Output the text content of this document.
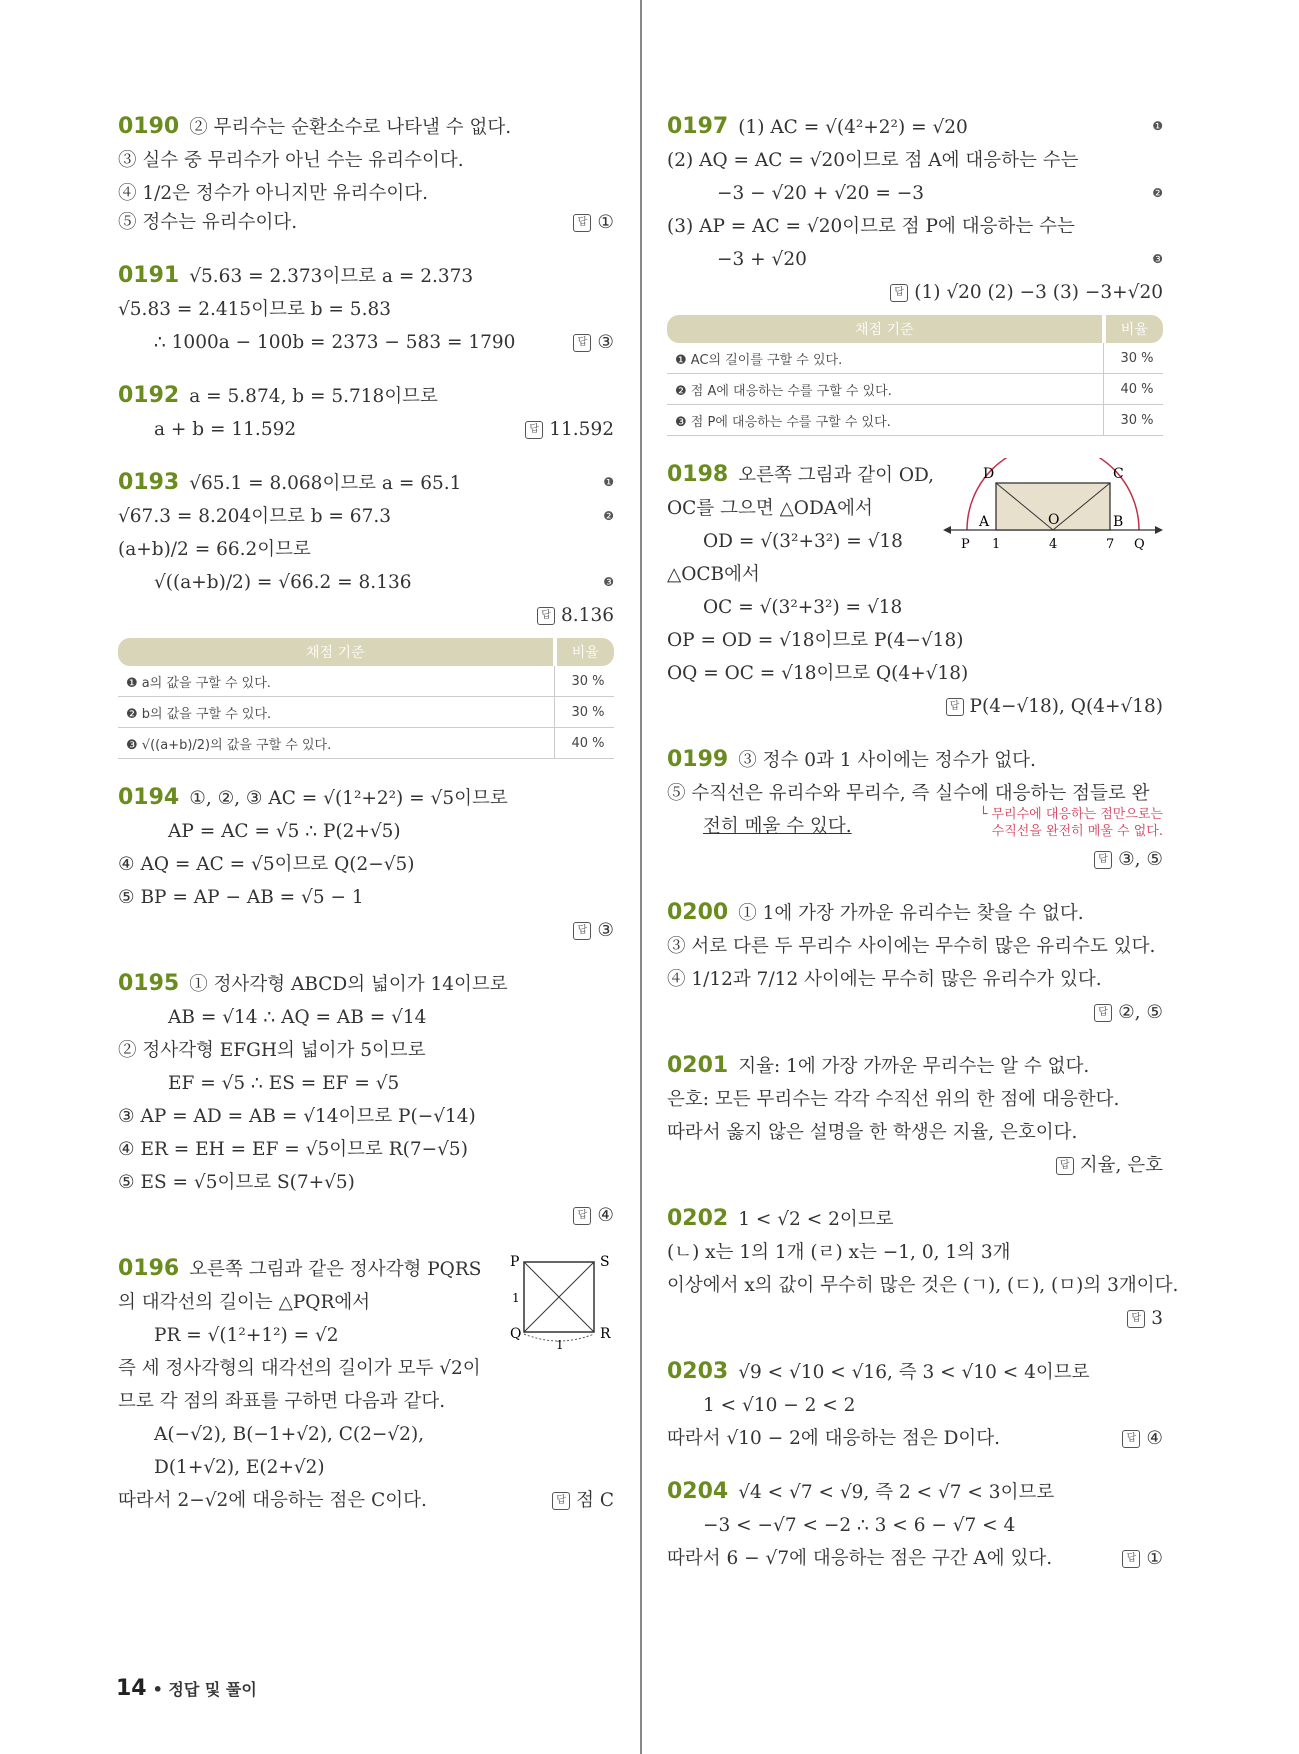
0190 ② 무리수는 순환소수로 나타낼 수 없다.
③ 실수 중 무리수가 아닌 수는 유리수이다.
④ 1/2은 정수가 아니지만 유리수이다.
⑤ 정수는 유리수이다.	답 ①
0191 √5.63 = 2.373이므로 a = 2.373
√5.83 = 2.415이므로 b = 5.83
∴ 1000a − 100b = 2373 − 583 = 1790	답 ③
0192 a = 5.874, b = 5.718이므로
a + b = 11.592	답 11.592
0193 √65.1 = 8.068이므로 a = 65.1	❶
√67.3 = 8.204이므로 b = 67.3	❷
(a+b)/2 = 66.2이므로
√((a+b)/2) = √66.2 = 8.136	❸
답 8.136
채점 기준	비율
❶ a의 값을 구할 수 있다.	30 %
❷ b의 값을 구할 수 있다.	30 %
❸ √((a+b)/2)의 값을 구할 수 있다.	40 %
0194 ①, ②, ③ AC = √(1²+2²) = √5이므로
AP = AC = √5 ∴ P(2+√5)
④ AQ = AC = √5이므로 Q(2−√5)
⑤ BP = AP − AB = √5 − 1
답 ③
0195 ① 정사각형 ABCD의 넓이가 14이므로
AB = √14 ∴ AQ = AB = √14
② 정사각형 EFGH의 넓이가 5이므로
EF = √5 ∴ ES = EF = √5
③ AP = AD = AB = √14이므로 P(−√14)
④ ER = EH = EF = √5이므로 R(7−√5)
⑤ ES = √5이므로 S(7+√5)
답 ④
P	S
Q	R
1
1
0196 오른쪽 그림과 같은 정사각형 PQRS
의 대각선의 길이는 △PQR에서
PR = √(1²+1²) = √2
즉 세 정사각형의 대각선의 길이가 모두 √2이
므로 각 점의 좌표를 구하면 다음과 같다.
A(−√2), B(−1+√2), C(2−√2),
D(1+√2), E(2+√2)
따라서 2−√2에 대응하는 점은 C이다.	답 점 C
0197 (1) AC = √(4²+2²) = √20	❶
(2) AQ = AC = √20이므로 점 A에 대응하는 수는
−3 − √20 + √20 = −3	❷
(3) AP = AC = √20이므로 점 P에 대응하는 수는
−3 + √20	❸
답 (1) √20 (2) −3 (3) −3+√20
채점 기준	비율
❶ AC의 길이를 구할 수 있다.	30 %
❷ 점 A에 대응하는 수를 구할 수 있다.	40 %
❸ 점 P에 대응하는 수를 구할 수 있다.	30 %
D	C
A	O	B
P 1	4	7 Q
0198 오른쪽 그림과 같이 OD,
OC를 그으면 △ODA에서
OD = √(3²+3²) = √18
△OCB에서
OC = √(3²+3²) = √18
OP = OD = √18이므로 P(4−√18)
OQ = OC = √18이므로 Q(4+√18)
답 P(4−√18), Q(4+√18)
0199 ③ 정수 0과 1 사이에는 정수가 없다.
⑤ 수직선은 유리수와 무리수, 즉 실수에 대응하는 점들로 완
전히 메울 수 있다.
└ 무리수에 대응하는 점만으로는
수직선을 완전히 메울 수 없다.
답 ③, ⑤
0200 ① 1에 가장 가까운 유리수는 찾을 수 없다.
③ 서로 다른 두 무리수 사이에는 무수히 많은 유리수도 있다.
④ 1/12과 7/12 사이에는 무수히 많은 유리수가 있다.
답 ②, ⑤
0201 지율: 1에 가장 가까운 무리수는 알 수 없다.
은호: 모든 무리수는 각각 수직선 위의 한 점에 대응한다.
따라서 옳지 않은 설명을 한 학생은 지율, 은호이다.
답 지율, 은호
0202 1 < √2 < 2이므로
(ㄴ) x는 1의 1개 (ㄹ) x는 −1, 0, 1의 3개
이상에서 x의 값이 무수히 많은 것은 (ㄱ), (ㄷ), (ㅁ)의 3개이다.
답 3
0203 √9 < √10 < √16, 즉 3 < √10 < 4이므로
1 < √10 − 2 < 2
따라서 √10 − 2에 대응하는 점은 D이다.	답 ④
0204 √4 < √7 < √9, 즉 2 < √7 < 3이므로
−3 < −√7 < −2 ∴ 3 < 6 − √7 < 4
따라서 6 − √7에 대응하는 점은 구간 A에 있다.	답 ①
14 • 정답 및 풀이
